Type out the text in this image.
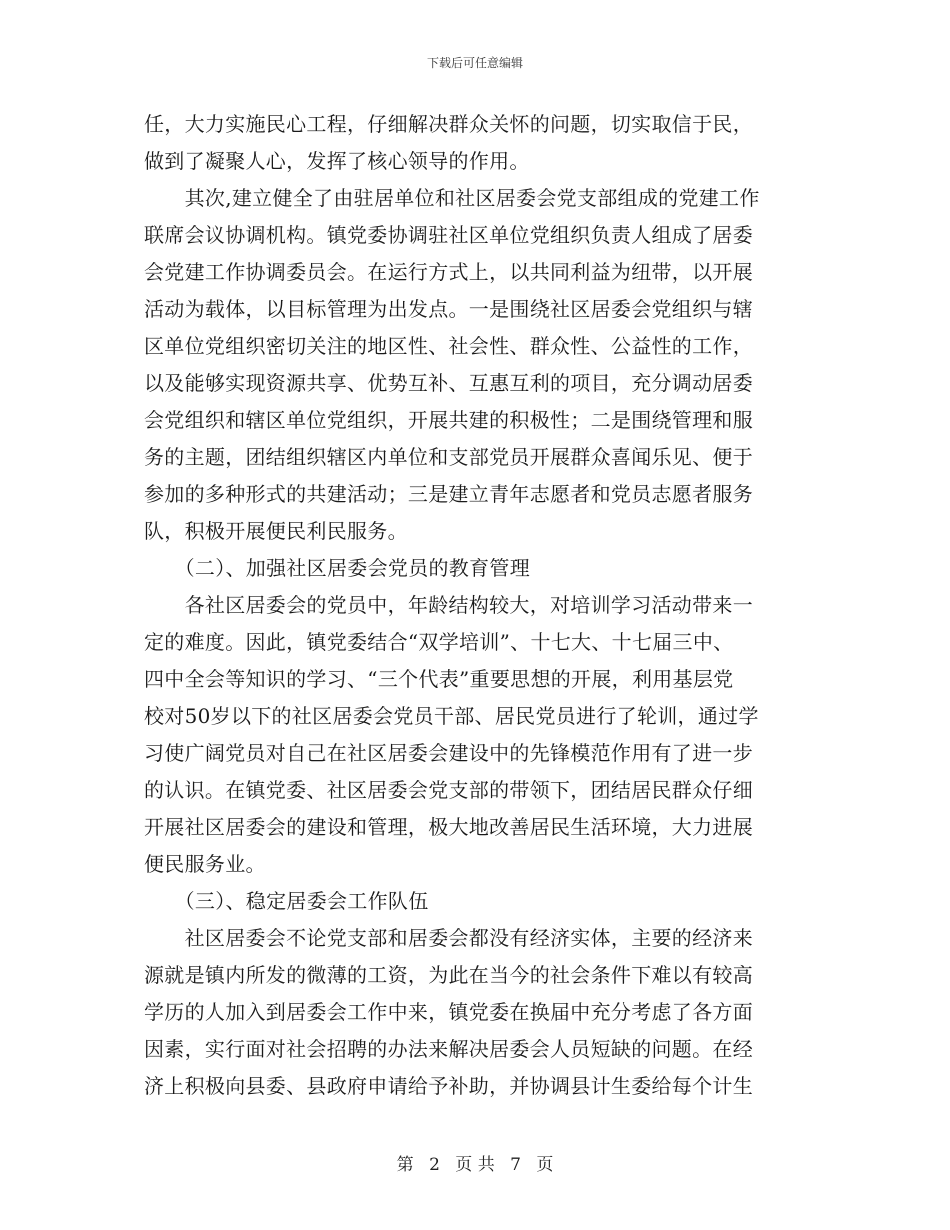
下载后可任意编辑
任，大力实施民心工程，仔细解决群众关怀的问题，切实取信于民，
做到了凝聚人心，发挥了核心领导的作用。
　　其次,建立健全了由驻居单位和社区居委会党支部组成的党建工作
联席会议协调机构。镇党委协调驻社区单位党组织负责人组成了居委
会党建工作协调委员会。在运行方式上，以共同利益为纽带，以开展
活动为载体，以目标管理为出发点。一是围绕社区居委会党组织与辖
区单位党组织密切关注的地区性、社会性、群众性、公益性的工作，
以及能够实现资源共享、优势互补、互惠互利的项目，充分调动居委
会党组织和辖区单位党组织，开展共建的积极性；二是围绕管理和服
务的主题，团结组织辖区内单位和支部党员开展群众喜闻乐见、便于
参加的多种形式的共建活动；三是建立青年志愿者和党员志愿者服务
队，积极开展便民利民服务。
　　（二）、加强社区居委会党员的教育管理
　　各社区居委会的党员中，年龄结构较大，对培训学习活动带来一
定的难度。因此，镇党委结合“双学培训”、十七大、十七届三中、
四中全会等知识的学习、“三个代表”重要思想的开展，利用基层党
校对50岁以下的社区居委会党员干部、居民党员进行了轮训，通过学
习使广阔党员对自己在社区居委会建设中的先锋模范作用有了进一步
的认识。在镇党委、社区居委会党支部的带领下，团结居民群众仔细
开展社区居委会的建设和管理，极大地改善居民生活环境，大力进展
便民服务业。
　　（三）、稳定居委会工作队伍
　　社区居委会不论党支部和居委会都没有经济实体，主要的经济来
源就是镇内所发的微薄的工资，为此在当今的社会条件下难以有较高
学历的人加入到居委会工作中来，镇党委在换届中充分考虑了各方面
因素，实行面对社会招聘的办法来解决居委会人员短缺的问题。在经
济上积极向县委、县政府申请给予补助，并协调县计生委给每个计生
第 2 页 共 7 页
